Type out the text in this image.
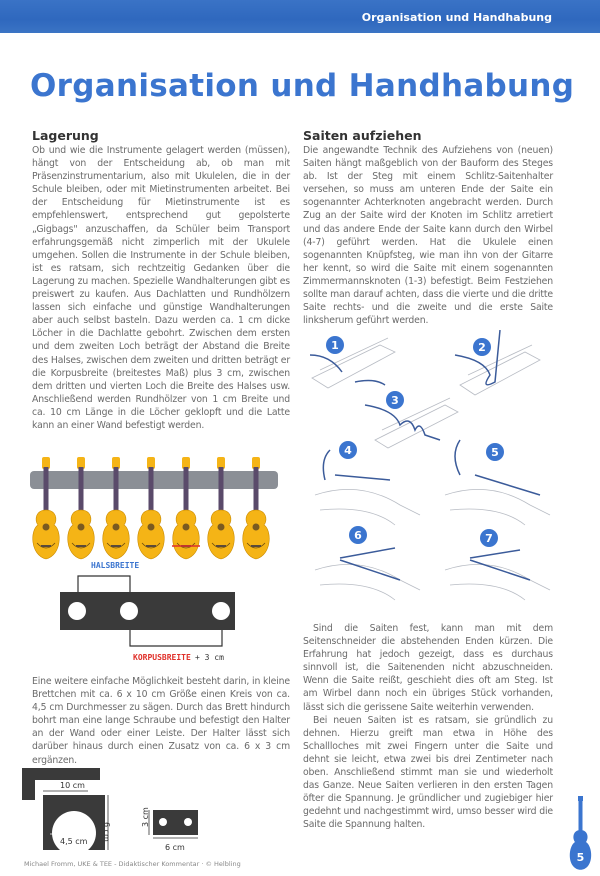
Organisation und Handhabung
Organisation und Handhabung
Lagerung

Ob und wie die Instrumente gelagert werden (müssen), hängt von der Entscheidung ab, ob man mit Präsenzinstrumentarium, also mit Ukulelen, die in der Schule bleiben, oder mit Mietinstrumenten arbeitet. Bei der Entscheidung für Mietinstrumente ist es empfehlenswert, entsprechend gut gepolsterte „Gigbags" anzuschaffen, da Schüler beim Transport erfahrungsgemäß nicht zimperlich mit der Ukulele umgehen. Sollen die Instrumente in der Schule bleiben, ist es ratsam, sich rechtzeitig Gedanken über die Lagerung zu machen. Spezielle Wandhalterungen gibt es preiswert zu kaufen. Aus Dachlatten und Rundhölzern lassen sich einfache und günstige Wandhalterungen aber auch selbst basteln. Dazu werden ca. 1 cm dicke Löcher in die Dachlatte gebohrt. Zwischen dem ersten und dem zweiten Loch beträgt der Abstand die Breite des Halses, zwischen dem zweiten und dritten beträgt er die Korpusbreite (breitestes Maß) plus 3 cm, zwischen dem dritten und vierten Loch die Breite des Halses usw. Anschließend werden Rundhölzer von 1 cm Breite und ca. 10 cm Länge in die Löcher geklopft und die Latte kann an einer Wand befestigt werden.

HALSBREITE
KORPUSBREITE + 3 cm

Eine weitere einfache Möglichkeit besteht darin, in kleine Brettchen mit ca. 6 x 10 cm Größe einen Kreis von ca. 4,5 cm Durchmesser zu sägen. Durch das Brett hindurch bohrt man eine lange Schraube und befestigt den Halter an der Wand oder einer Leiste. Der Halter lässt sich darüber hinaus durch einen Zusatz von ca. 6 x 3 cm ergänzen.

10 cm
4,5 cm 6 cm
3 cm
6 cm
Saiten aufziehen

Die angewandte Technik des Aufziehens von (neuen) Saiten hängt maßgeblich von der Bauform des Steges ab. Ist der Steg mit einem Schlitz-Saitenhalter versehen, so muss am unteren Ende der Saite ein sogenannter Achterknoten angebracht werden. Durch Zug an der Saite wird der Knoten im Schlitz arretiert und das andere Ende der Saite kann durch den Wirbel (4-7) geführt werden. Hat die Ukulele einen sogenannten Knüpfsteg, wie man ihn von der Gitarre her kennt, so wird die Saite mit einem sogenannten Zimmermannsknoten (1-3) befestigt. Beim Festziehen sollte man darauf achten, dass die vierte und die dritte Saite rechts- und die zweite und die erste Saite linksherum geführt werden.

1	2
3
4	5
6	7

Sind die Saiten fest, kann man mit dem Seitenschneider die abstehenden Enden kürzen. Die Erfahrung hat jedoch gezeigt, dass es durchaus sinnvoll ist, die Saitenenden nicht abzuschneiden. Wenn die Saite reißt, geschieht dies oft am Steg. Ist am Wirbel dann noch ein übriges Stück vorhanden, lässt sich die gerissene Saite weiterhin verwenden.

Bei neuen Saiten ist es ratsam, sie gründlich zu dehnen. Hierzu greift man etwa in Höhe des Schallloches mit zwei Fingern unter die Saite und dehnt sie leicht, etwa zwei bis drei Zentimeter nach oben. Anschließend stimmt man sie und wiederholt das Ganze. Neue Saiten verlieren in den ersten Tagen öfter die Spannung. Je gründlicher und zugiebiger hier gedehnt und nachgestimmt wird, umso besser wird die Saite die Spannung halten.

Michael Fromm, UKE & TEE - Didaktischer Kommentar · © Helbling	5
